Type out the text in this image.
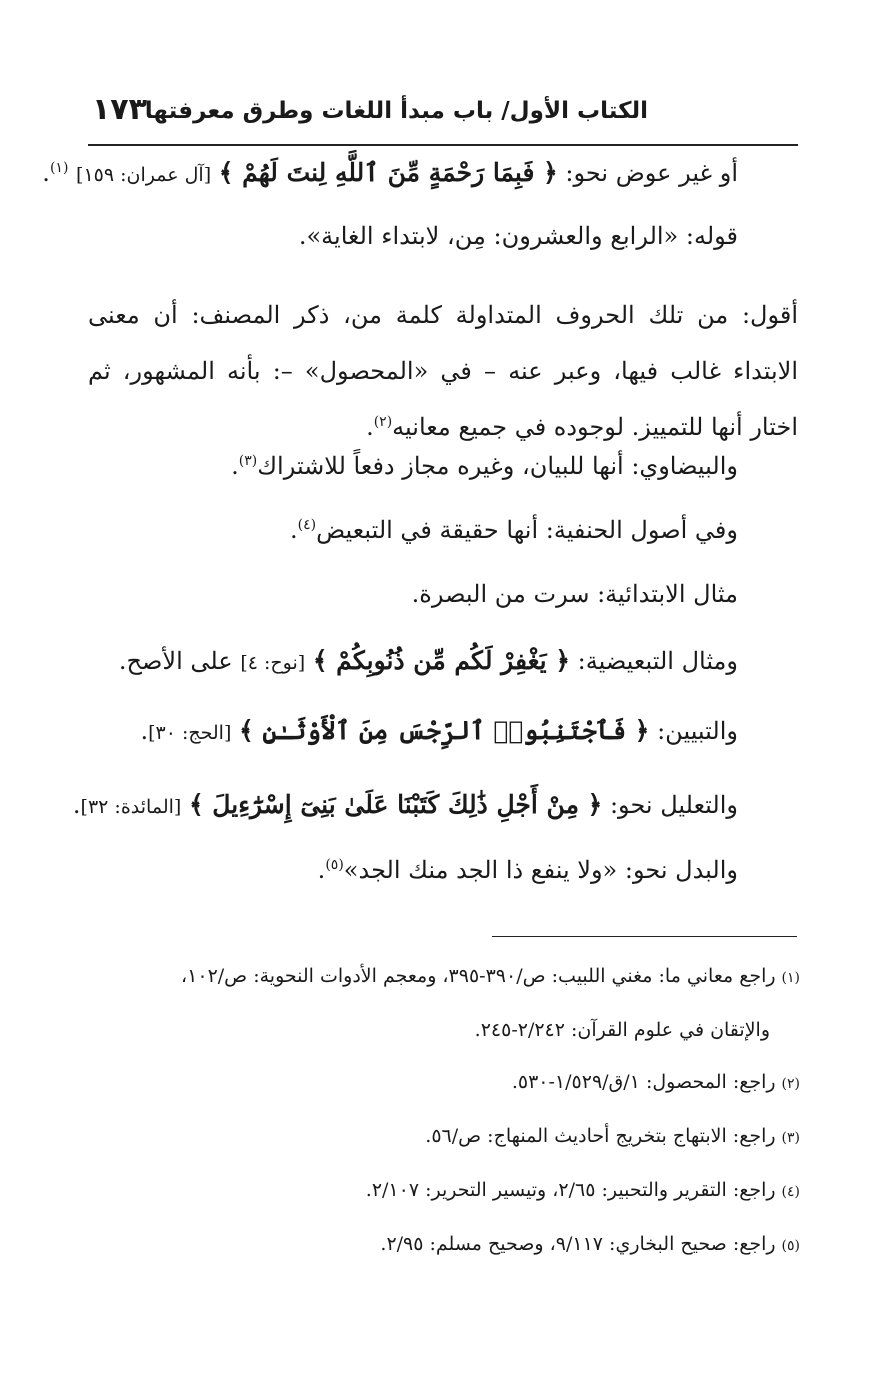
الكتاب الأول/ باب مبدأ اللغات وطرق معرفتها
١٧٣
أو غير عوض نحو: ﴿ فَبِمَا رَحْمَةٍ مِّنَ ٱللَّهِ لِنتَ لَهُمْ ﴾ [آل عمران: ١٥٩] $^{(١)}$.
قوله: «الرابع والعشرون: مِن، لابتداء الغاية».
أقول: من تلك الحروف المتداولة كلمة من، ذكر المصنف: أن معنى الابتداء غالب فيها، وعبر عنه – في «المحصول» –: بأنه المشهور، ثم اختار أنها للتمييز. لوجوده في جميع معانيه$^{(٢)}$.
والبيضاوي: أنها للبيان، وغيره مجاز دفعاً للاشتراك$^{(٣)}$.
وفي أصول الحنفية: أنها حقيقة في التبعيض$^{(٤)}$.
مثال الابتدائية: سرت من البصرة.
ومثال التبعيضية: ﴿ يَغْفِرْ لَكُم مِّن ذُنُوبِكُمْ ﴾ [نوح: ٤] على الأصح.
والتبيين: ﴿ فَٱجْتَنِبُوا۟ ٱلرِّجْسَ مِنَ ٱلْأَوْثَـٰنِ ﴾ [الحج: ٣٠].
والتعليل نحو: ﴿ مِنْ أَجْلِ ذَٰلِكَ كَتَبْنَا عَلَىٰ بَنِىٓ إِسْرَٰٓءِيلَ ﴾ [المائدة: ٣٢].
والبدل نحو: «ولا ينفع ذا الجد منك الجد»$^{(٥)}$.
(١)راجع معاني ما: مغني اللبيب: ص/٣٩٠-٣٩٥، ومعجم الأدوات النحوية: ص/١٠٢،
والإتقان في علوم القرآن: ٢/٢٤٢-٢٤٥.
(٢)راجع: المحصول: ١/ق/١/٥٢٩-٥٣٠.
(٣)راجع: الابتهاج بتخريج أحاديث المنهاج: ص/٥٦.
(٤)راجع: التقرير والتحبير: ٢/٦٥، وتيسير التحرير: ٢/١٠٧.
(٥)راجع: صحيح البخاري: ٩/١١٧، وصحيح مسلم: ٢/٩٥.
